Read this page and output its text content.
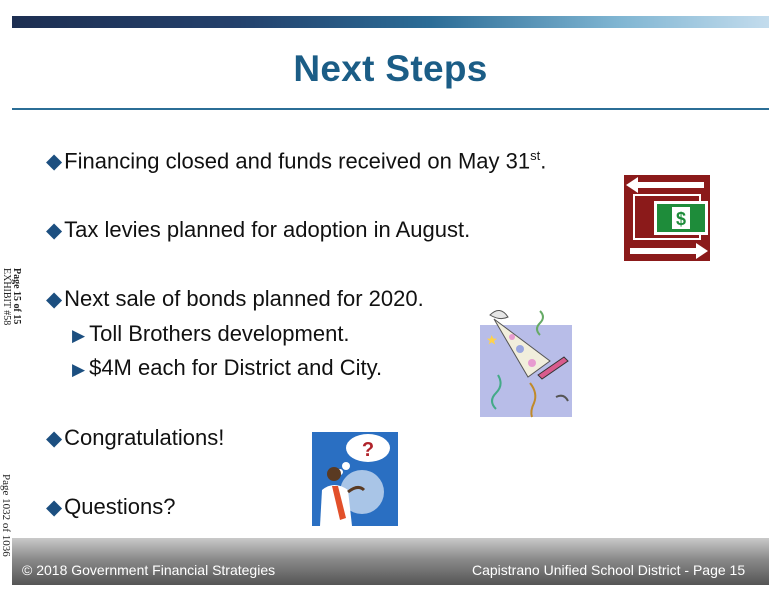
Next Steps
◆Financing closed and funds received on May 31st.
◆Tax levies planned for adoption in August.
◆Next sale of bonds planned for 2020.
▶ Toll Brothers development.
▶ $4M each for District and City.
◆Congratulations!
◆Questions?
$
?
Page 15 of 15
EXHIBIT #58
Page 1032 of 1036
© 2018 Government Financial Strategies	Capistrano Unified School District - Page 15
